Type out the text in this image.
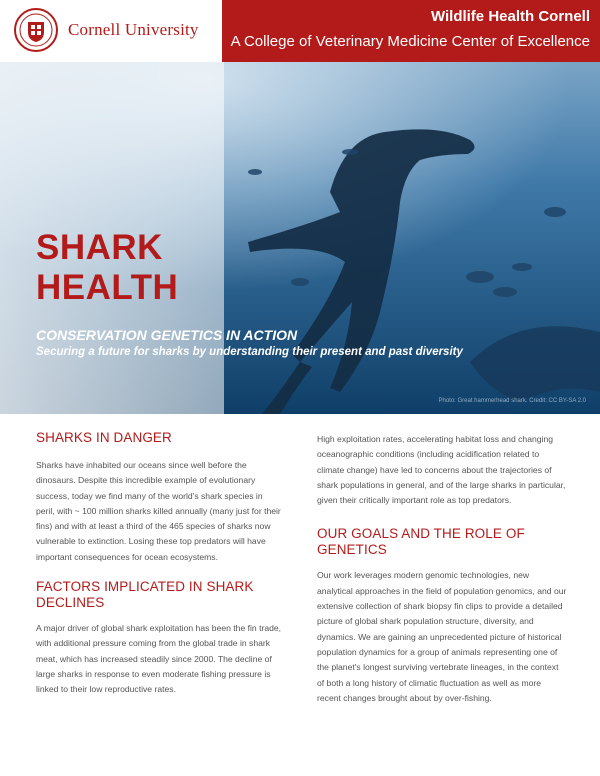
Cornell University
Wildlife Health Cornell
A College of Veterinary Medicine Center of Excellence
SHARK
HEALTH
CONSERVATION GENETICS IN ACTION
Securing a future for sharks by understanding their present and past diversity
Photo: Great hammerhead shark. Credit: CC BY-SA 2.0
SHARKS IN DANGER

Sharks have inhabited our oceans since well before the dinosaurs. Despite this incredible example of evolutionary success, today we find many of the world's shark species in peril, with ~ 100 million sharks killed annually (many just for their fins) and with at least a third of the 465 species of sharks now vulnerable to extinction. Losing these top predators will have important consequences for ocean ecosystems.

FACTORS IMPLICATED IN SHARK DECLINES

A major driver of global shark exploitation has been the fin trade, with additional pressure coming from the global trade in shark meat, which has increased steadily since 2000. The decline of large sharks in response to even moderate fishing pressure is linked to their low reproductive rates.

High exploitation rates, accelerating habitat loss and changing oceanographic conditions (including acidification related to climate change) have led to concerns about the trajectories of shark populations in general, and of the large sharks in particular, given their critically important role as top predators.

OUR GOALS AND THE ROLE OF GENETICS

Our work leverages modern genomic technologies, new analytical approaches in the field of population genomics, and our extensive collection of shark biopsy fin clips to provide a detailed picture of global shark population structure, diversity, and dynamics. We are gaining an unprecedented picture of historical population dynamics for a group of animals representing one of the planet's longest surviving vertebrate lineages, in the context of both a long history of climatic fluctuation as well as more recent changes brought about by over-fishing.
